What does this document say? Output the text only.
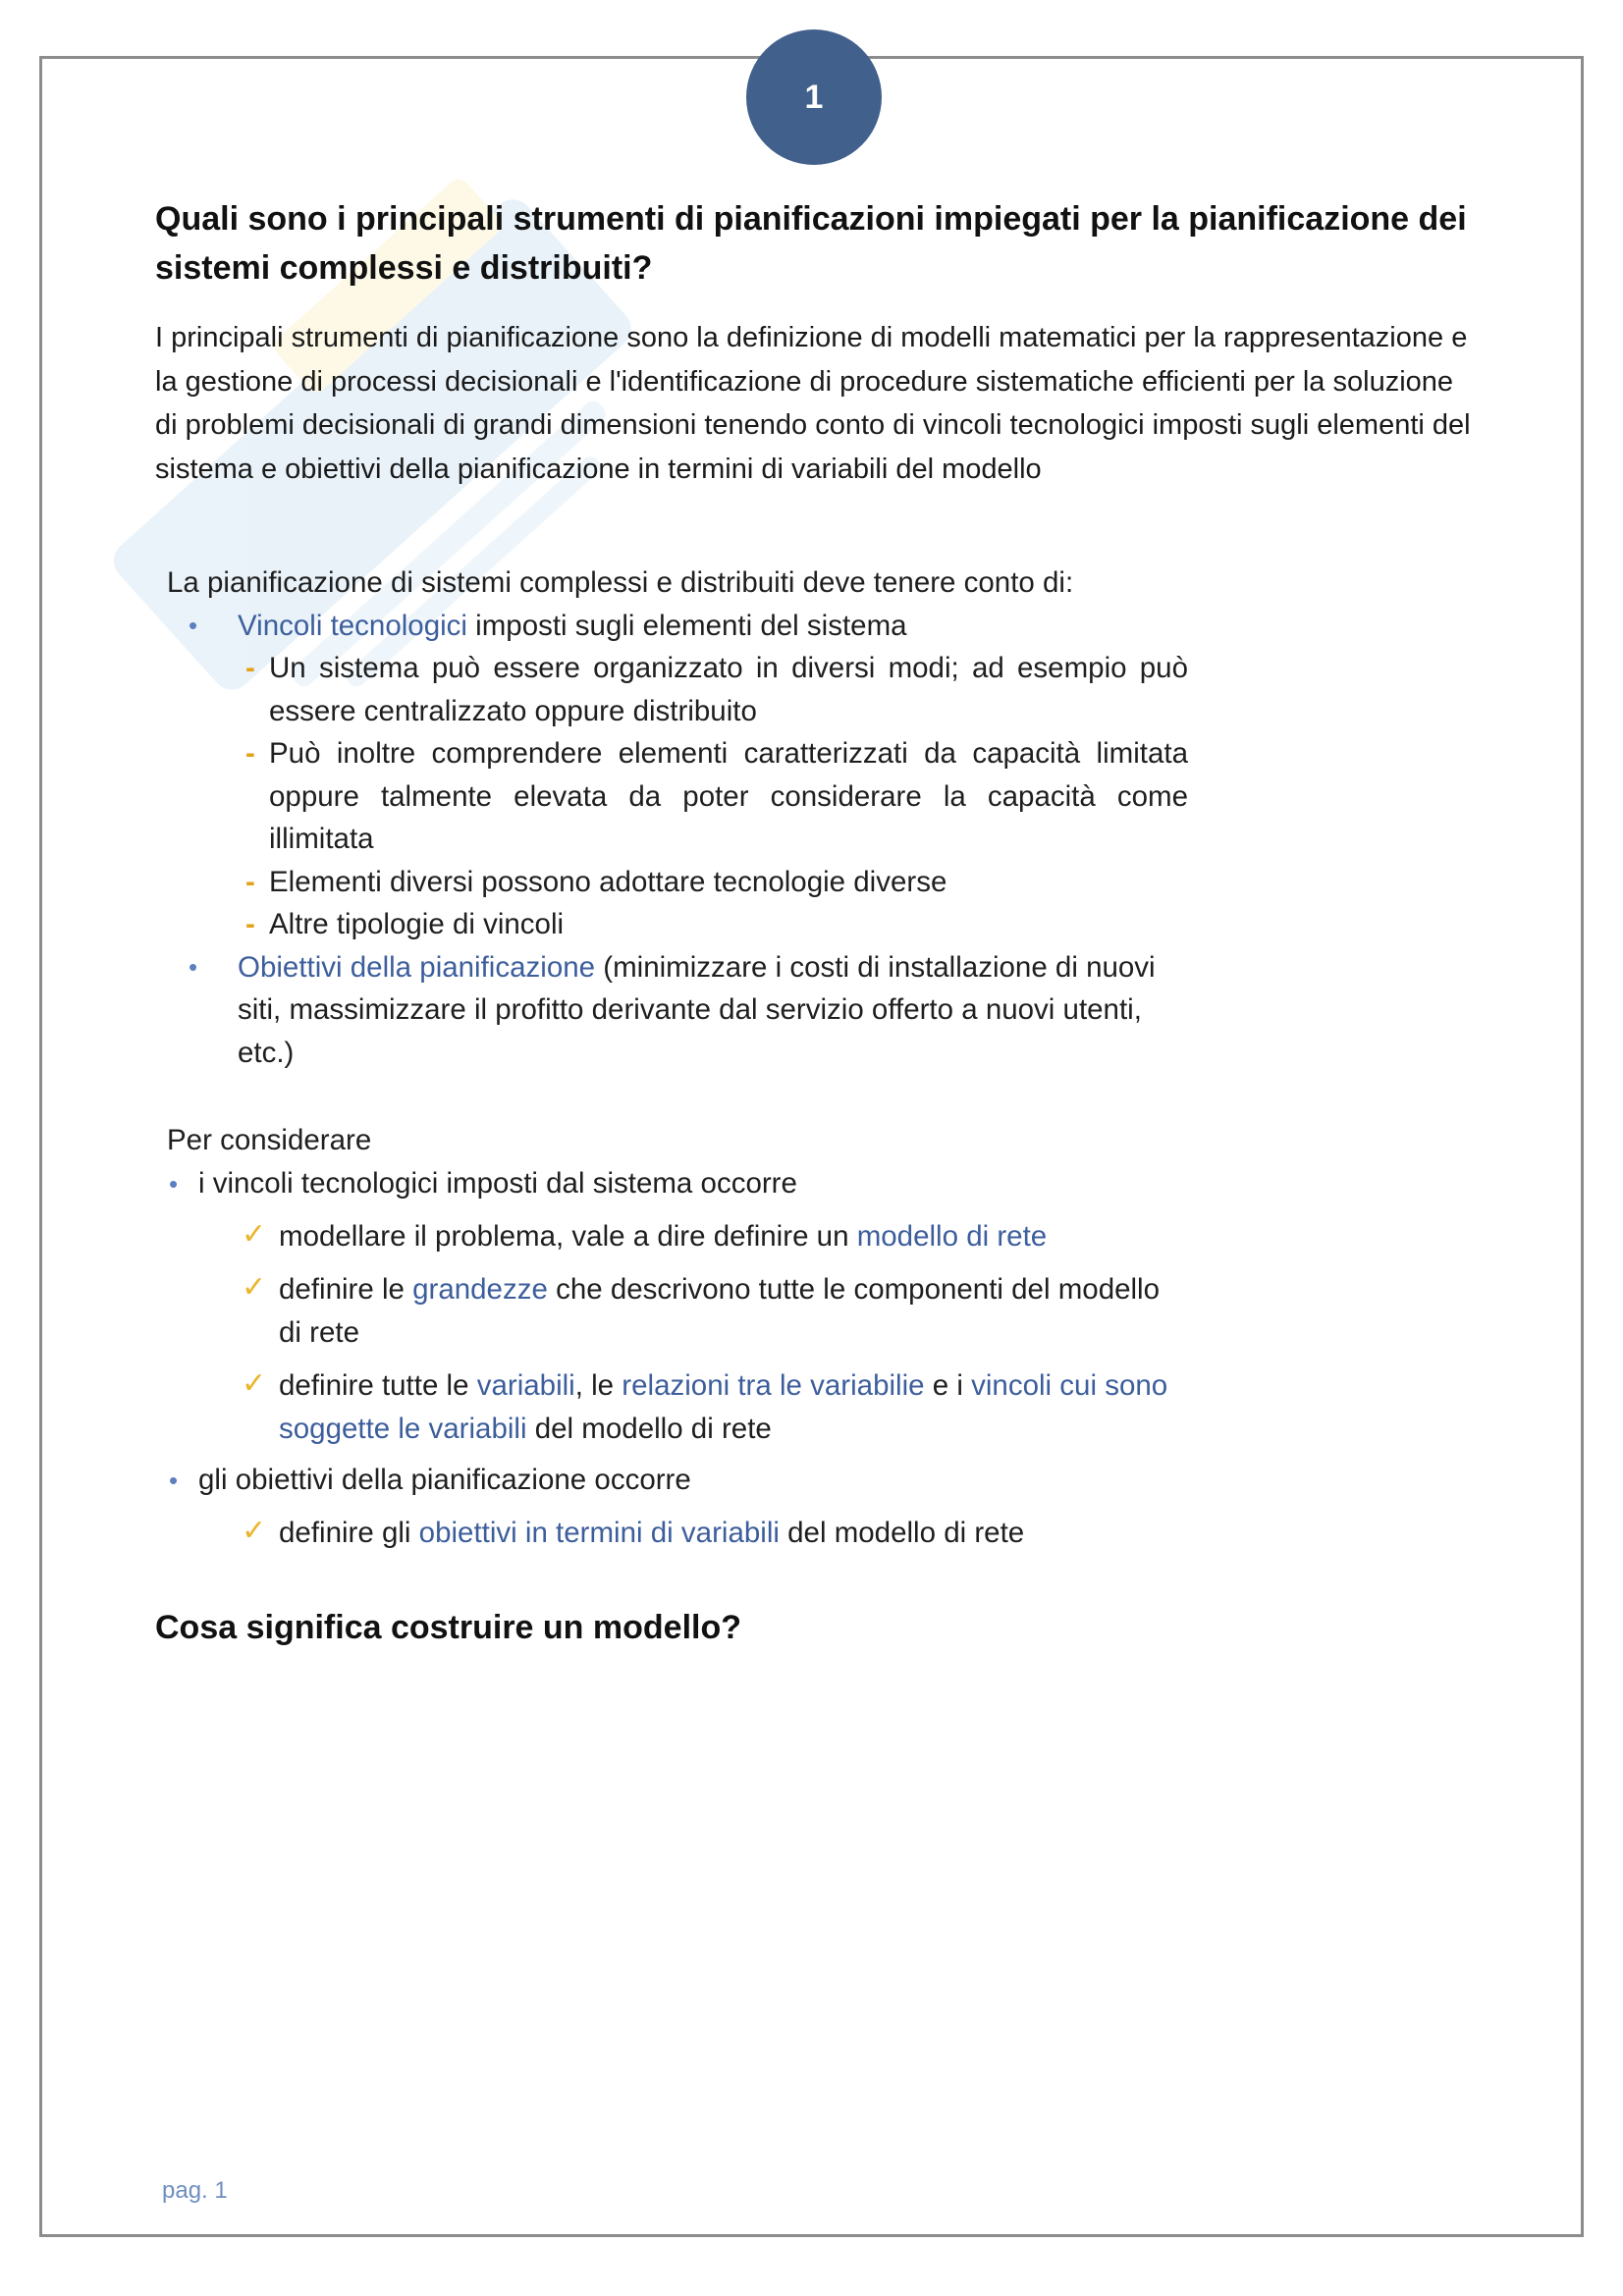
1
Quali sono i principali strumenti di pianificazioni impiegati per la pianificazione dei sistemi complessi e distribuiti?
I principali strumenti di pianificazione sono la definizione di modelli matematici per la rappresentazione e la gestione di processi decisionali e l'identificazione di procedure sistematiche efficienti per la soluzione di problemi decisionali di grandi dimensioni tenendo conto di vincoli tecnologici imposti sugli elementi del sistema e obiettivi della pianificazione in termini di variabili del modello
La pianificazione di sistemi complessi e distribuiti deve tenere conto di:
• Vincoli tecnologici imposti sugli elementi del sistema
- Un sistema può essere organizzato in diversi modi; ad esempio può essere centralizzato oppure distribuito
- Può inoltre comprendere elementi caratterizzati da capacità limitata oppure talmente elevata da poter considerare la capacità come illimitata
- Elementi diversi possono adottare tecnologie diverse
- Altre tipologie di vincoli
• Obiettivi della pianificazione (minimizzare i costi di installazione di nuovi siti, massimizzare il profitto derivante dal servizio offerto a nuovi utenti, etc.)
Per considerare
• i vincoli tecnologici imposti dal sistema occorre
✓ modellare il problema, vale a dire definire un modello di rete
✓ definire le grandezze che descrivono tutte le componenti del modello di rete
✓ definire tutte le variabili, le relazioni tra le variabilie e i vincoli cui sono soggette le variabili del modello di rete
• gli obiettivi della pianificazione occorre
✓ definire gli obiettivi in termini di variabili del modello di rete
Cosa significa costruire un modello?
pag. 1
